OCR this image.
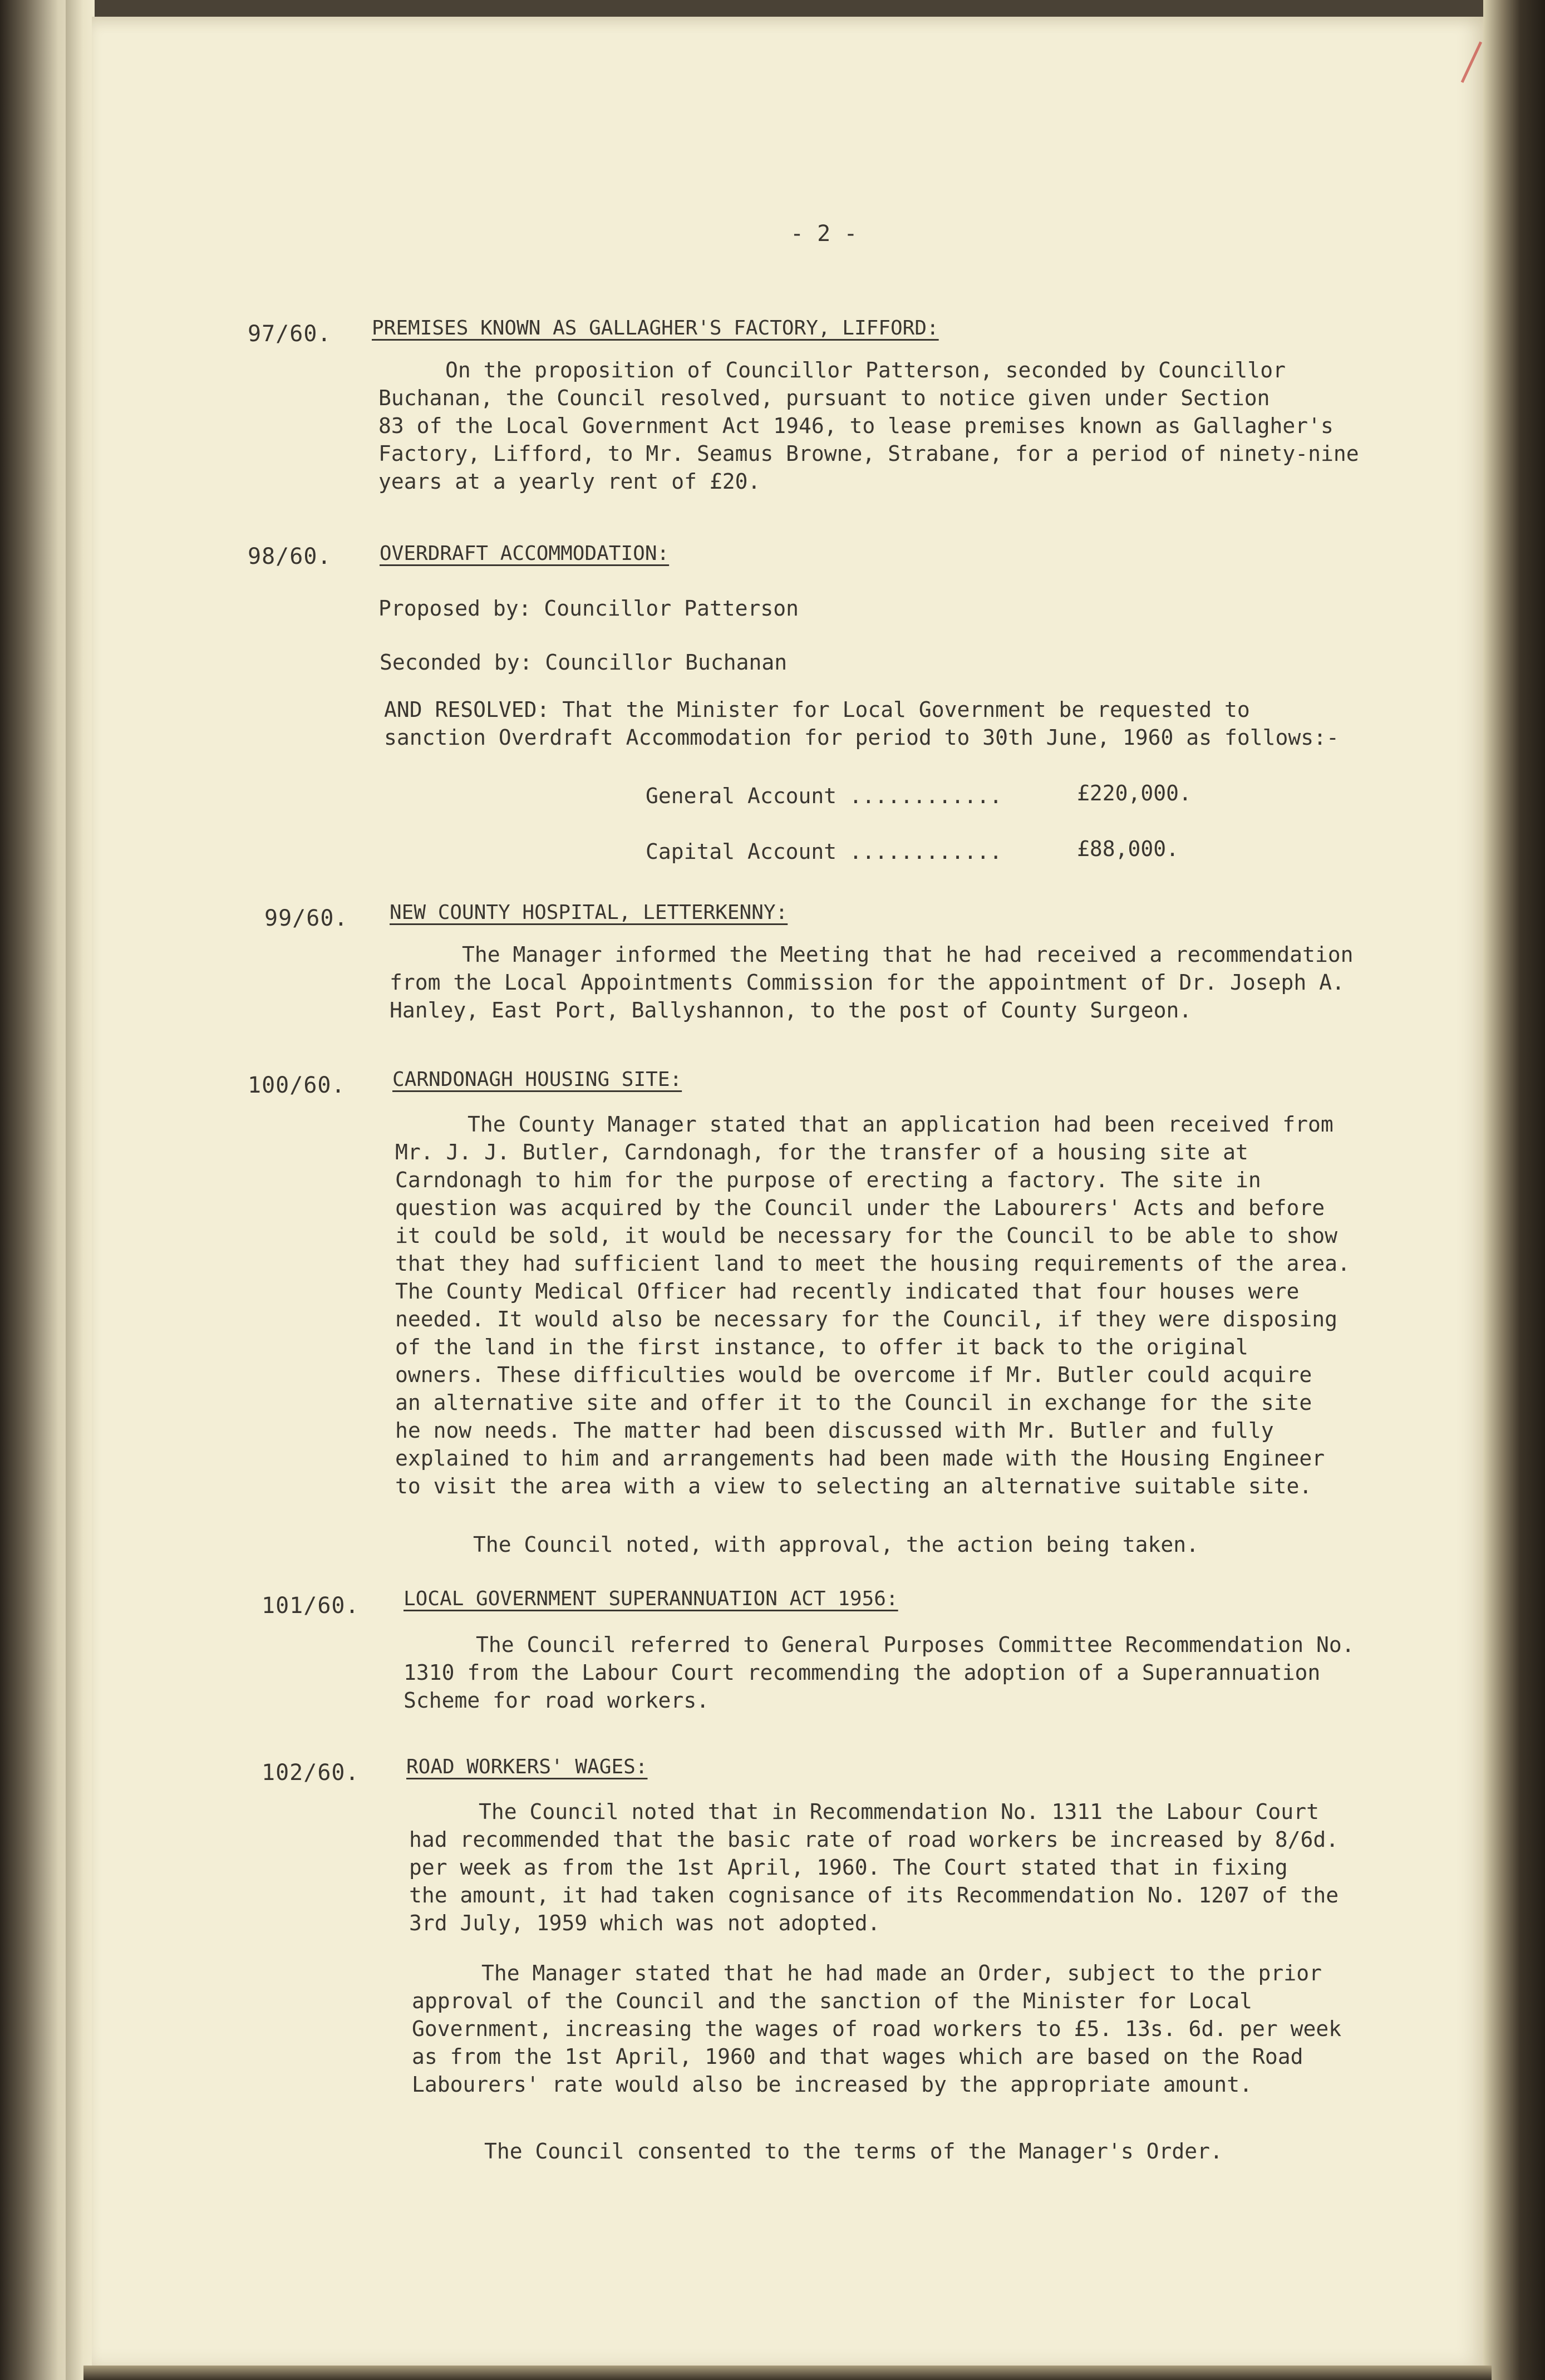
- 2 -
97/60. PREMISES KNOWN AS GALLAGHER'S FACTORY, LIFFORD:
On the proposition of Councillor Patterson, seconded by Councillor
Buchanan, the Council resolved, pursuant to notice given under Section
83 of the Local Government Act 1946, to lease premises known as Gallagher's
Factory, Lifford, to Mr. Seamus Browne, Strabane, for a period of ninety-nine
years at a yearly rent of £20.
98/60. OVERDRAFT ACCOMMODATION:
Proposed by: Councillor Patterson
Seconded by: Councillor Buchanan
AND RESOLVED: That the Minister for Local Government be requested to
sanction Overdraft Accommodation for period to 30th June, 1960 as follows:-
General Account ............	£220,000.
Capital Account ............	£88,000.
99/60. NEW COUNTY HOSPITAL, LETTERKENNY:
The Manager informed the Meeting that he had received a recommendation
from the Local Appointments Commission for the appointment of Dr. Joseph A.
Hanley, East Port, Ballyshannon, to the post of County Surgeon.
100/60. CARNDONAGH HOUSING SITE:
The County Manager stated that an application had been received from
Mr. J. J. Butler, Carndonagh, for the transfer of a housing site at
Carndonagh to him for the purpose of erecting a factory. The site in
question was acquired by the Council under the Labourers' Acts and before
it could be sold, it would be necessary for the Council to be able to show
that they had sufficient land to meet the housing requirements of the area.
The County Medical Officer had recently indicated that four houses were
needed. It would also be necessary for the Council, if they were disposing
of the land in the first instance, to offer it back to the original
owners. These difficulties would be overcome if Mr. Butler could acquire
an alternative site and offer it to the Council in exchange for the site
he now needs. The matter had been discussed with Mr. Butler and fully
explained to him and arrangements had been made with the Housing Engineer
to visit the area with a view to selecting an alternative suitable site.
The Council noted, with approval, the action being taken.
101/60. LOCAL GOVERNMENT SUPERANNUATION ACT 1956:
The Council referred to General Purposes Committee Recommendation No.
1310 from the Labour Court recommending the adoption of a Superannuation
Scheme for road workers.
102/60. ROAD WORKERS' WAGES:
The Council noted that in Recommendation No. 1311 the Labour Court
had recommended that the basic rate of road workers be increased by 8/6d.
per week as from the 1st April, 1960. The Court stated that in fixing
the amount, it had taken cognisance of its Recommendation No. 1207 of the
3rd July, 1959 which was not adopted.
The Manager stated that he had made an Order, subject to the prior
approval of the Council and the sanction of the Minister for Local
Government, increasing the wages of road workers to £5. 13s. 6d. per week
as from the 1st April, 1960 and that wages which are based on the Road
Labourers' rate would also be increased by the appropriate amount.
The Council consented to the terms of the Manager's Order.
